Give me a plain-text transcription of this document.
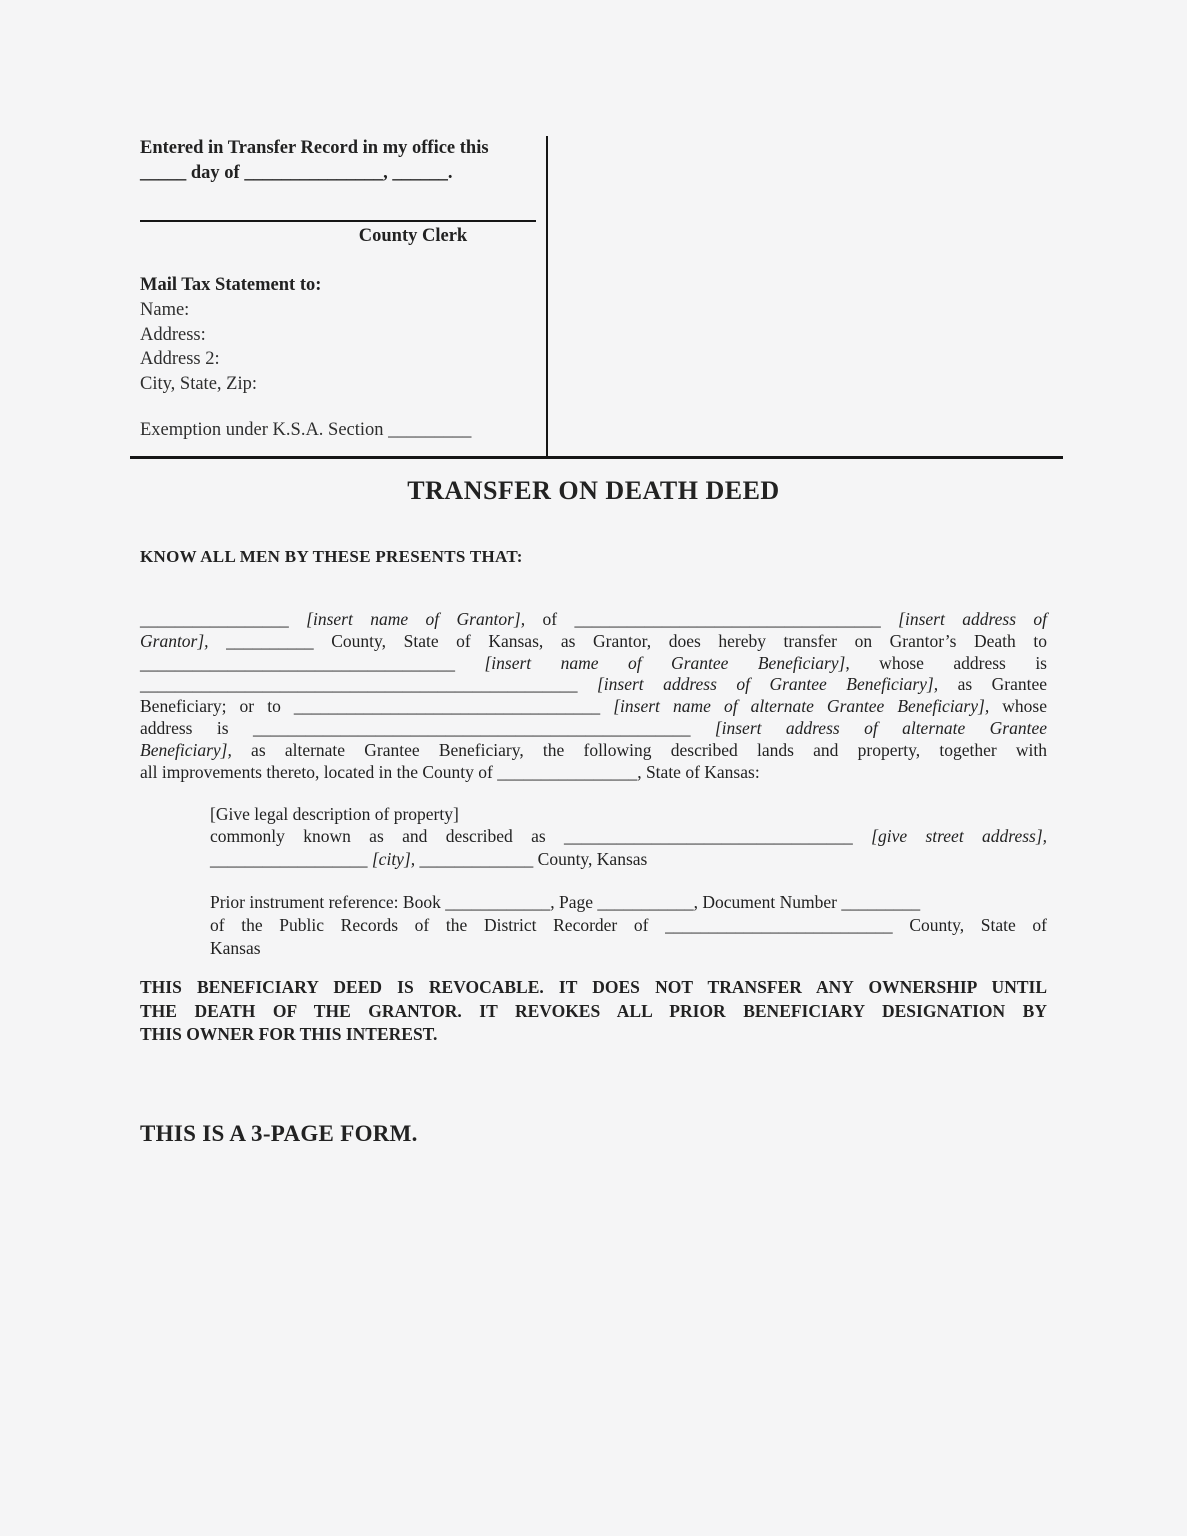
Entered in Transfer Record in my office this
_____ day of _______________, ______.
County Clerk
Mail Tax Statement to:
Name:
Address:
Address 2:
City, State, Zip:
Exemption under K.S.A. Section _________
TRANSFER ON DEATH DEED
KNOW ALL MEN BY THESE PRESENTS THAT:
_________________ [insert name of Grantor], of ___________________________________ [insert address of
Grantor], __________ County, State of Kansas, as Grantor, does hereby transfer on Grantor’s Death to
____________________________________ [insert name of Grantee Beneficiary], whose address is
__________________________________________________ [insert address of Grantee Beneficiary], as Grantee
Beneficiary; or to ___________________________________ [insert name of alternate Grantee Beneficiary], whose
address is __________________________________________________ [insert address of alternate Grantee
Beneficiary], as alternate Grantee Beneficiary, the following described lands and property, together with
all improvements thereto, located in the County of ________________, State of Kansas:
[Give legal description of property]
commonly known as and described as _________________________________ [give street address],
__________________ [city], _____________ County, Kansas
Prior instrument reference: Book ____________, Page ___________, Document Number _________
of the Public Records of the District Recorder of __________________________ County, State of
Kansas
THIS BENEFICIARY DEED IS REVOCABLE. IT DOES NOT TRANSFER ANY OWNERSHIP UNTIL
THE DEATH OF THE GRANTOR. IT REVOKES ALL PRIOR BENEFICIARY DESIGNATION BY
THIS OWNER FOR THIS INTEREST.
THIS IS A 3-PAGE FORM.
